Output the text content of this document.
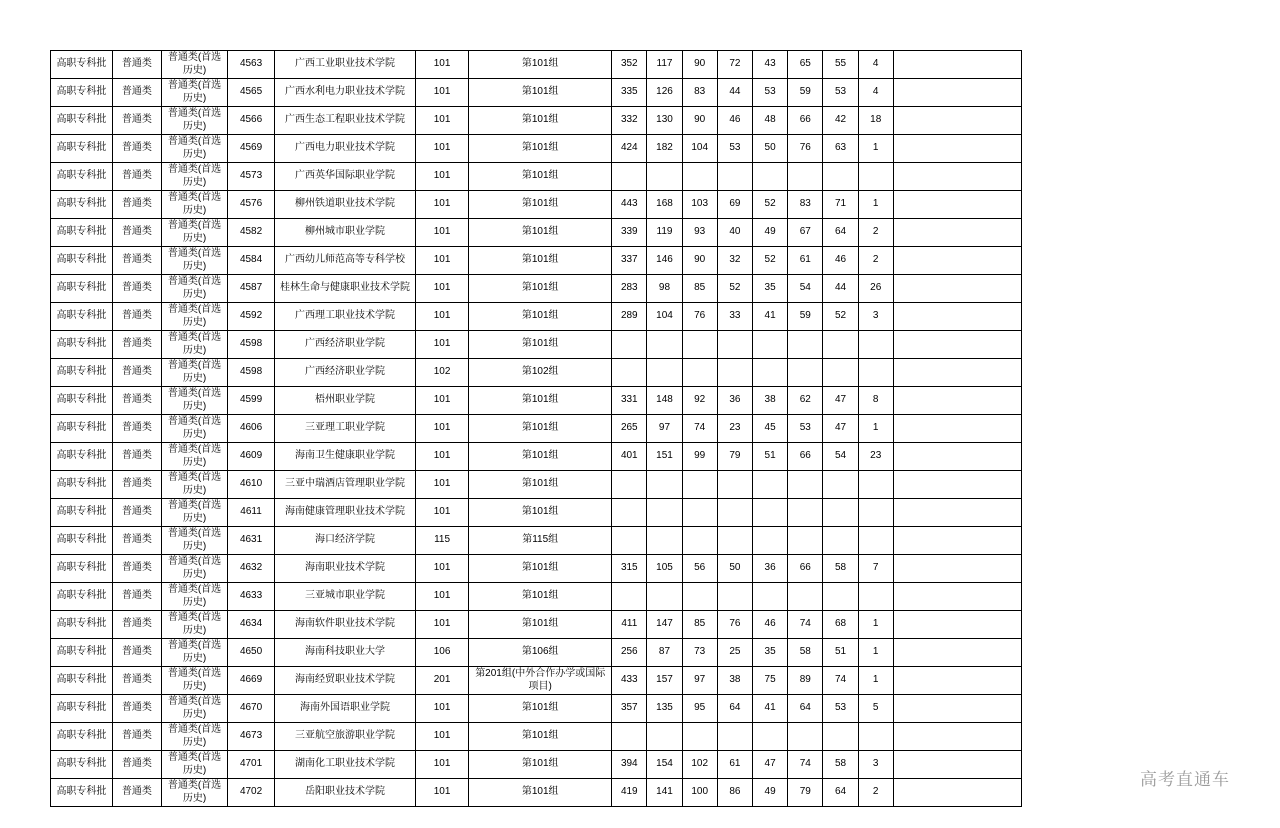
高职专科批	普通类	普通类(首选历史)	4563	广西工业职业技术学院	101	第101组	352	117	90	72	43	65	55	4	
高职专科批	普通类	普通类(首选历史)	4565	广西水利电力职业技术学院	101	第101组	335	126	83	44	53	59	53	4	
高职专科批	普通类	普通类(首选历史)	4566	广西生态工程职业技术学院	101	第101组	332	130	90	46	48	66	42	18	
高职专科批	普通类	普通类(首选历史)	4569	广西电力职业技术学院	101	第101组	424	182	104	53	50	76	63	1	
高职专科批	普通类	普通类(首选历史)	4573	广西英华国际职业学院	101	第101组									
高职专科批	普通类	普通类(首选历史)	4576	柳州铁道职业技术学院	101	第101组	443	168	103	69	52	83	71	1	
高职专科批	普通类	普通类(首选历史)	4582	柳州城市职业学院	101	第101组	339	119	93	40	49	67	64	2	
高职专科批	普通类	普通类(首选历史)	4584	广西幼儿师范高等专科学校	101	第101组	337	146	90	32	52	61	46	2	
高职专科批	普通类	普通类(首选历史)	4587	桂林生命与健康职业技术学院	101	第101组	283	98	85	52	35	54	44	26	
高职专科批	普通类	普通类(首选历史)	4592	广西理工职业技术学院	101	第101组	289	104	76	33	41	59	52	3	
高职专科批	普通类	普通类(首选历史)	4598	广西经济职业学院	101	第101组									
高职专科批	普通类	普通类(首选历史)	4598	广西经济职业学院	102	第102组									
高职专科批	普通类	普通类(首选历史)	4599	梧州职业学院	101	第101组	331	148	92	36	38	62	47	8	
高职专科批	普通类	普通类(首选历史)	4606	三亚理工职业学院	101	第101组	265	97	74	23	45	53	47	1	
高职专科批	普通类	普通类(首选历史)	4609	海南卫生健康职业学院	101	第101组	401	151	99	79	51	66	54	23	
高职专科批	普通类	普通类(首选历史)	4610	三亚中瑞酒店管理职业学院	101	第101组									
高职专科批	普通类	普通类(首选历史)	4611	海南健康管理职业技术学院	101	第101组									
高职专科批	普通类	普通类(首选历史)	4631	海口经济学院	115	第115组									
高职专科批	普通类	普通类(首选历史)	4632	海南职业技术学院	101	第101组	315	105	56	50	36	66	58	7	
高职专科批	普通类	普通类(首选历史)	4633	三亚城市职业学院	101	第101组									
高职专科批	普通类	普通类(首选历史)	4634	海南软件职业技术学院	101	第101组	411	147	85	76	46	74	68	1	
高职专科批	普通类	普通类(首选历史)	4650	海南科技职业大学	106	第106组	256	87	73	25	35	58	51	1	
高职专科批	普通类	普通类(首选历史)	4669	海南经贸职业技术学院	201	第201组(中外合作办学或国际项目)	433	157	97	38	75	89	74	1	
高职专科批	普通类	普通类(首选历史)	4670	海南外国语职业学院	101	第101组	357	135	95	64	41	64	53	5	
高职专科批	普通类	普通类(首选历史)	4673	三亚航空旅游职业学院	101	第101组									
高职专科批	普通类	普通类(首选历史)	4701	湖南化工职业技术学院	101	第101组	394	154	102	61	47	74	58	3	
高职专科批	普通类	普通类(首选历史)	4702	岳阳职业技术学院	101	第101组	419	141	100	86	49	79	64	2	
高考直通车
